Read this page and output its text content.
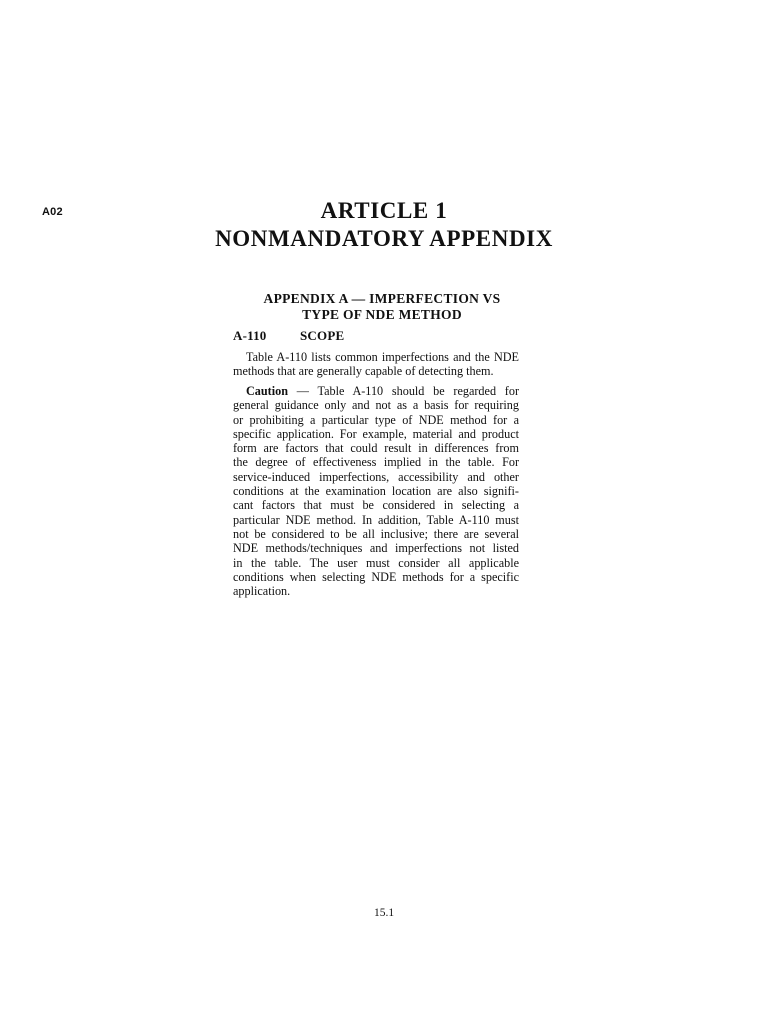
A02	ARTICLE 1
NONMANDATORY APPENDIX
APPENDIX A — IMPERFECTION VS
TYPE OF NDE METHOD
A-110	SCOPE
Table A-110 lists common imperfections and the NDE
methods that are generally capable of detecting them.
Caution — Table A-110 should be regarded for
general guidance only and not as a basis for requiring
or prohibiting a particular type of NDE method for a
specific application. For example, material and product
form are factors that could result in differences from
the degree of effectiveness implied in the table. For
service-induced imperfections, accessibility and other
conditions at the examination location are also signifi-
cant factors that must be considered in selecting a
particular NDE method. In addition, Table A-110 must
not be considered to be all inclusive; there are several
NDE methods/techniques and imperfections not listed
in the table. The user must consider all applicable
conditions when selecting NDE methods for a specific
application.
15.1
